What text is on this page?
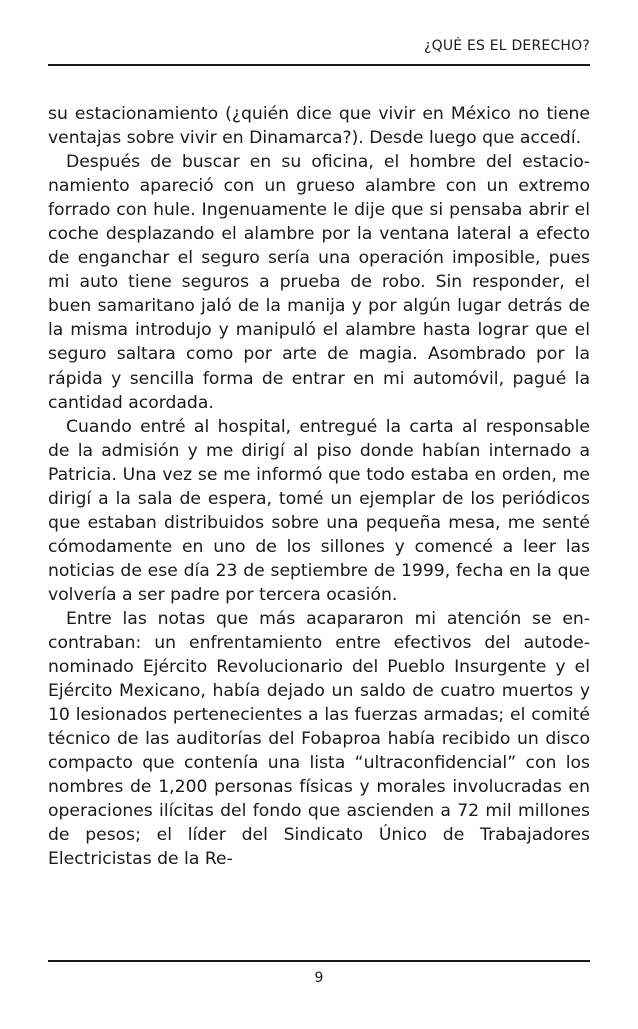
¿QUÉ ES EL DERECHO?

su estacionamiento (¿quién dice que vivir en México no tiene ventajas sobre vivir en Dinamarca?). Desde luego que accedí.

Después de buscar en su oficina, el hombre del estacionamiento apareció con un grueso alambre con un extremo forrado con hule. Ingenuamente le dije que si pensaba abrir el coche desplazando el alambre por la ventana lateral a efecto de enganchar el seguro sería una operación imposible, pues mi auto tiene seguros a prueba de robo. Sin responder, el buen samaritano jaló de la manija y por algún lugar detrás de la misma introdujo y manipuló el alambre hasta lograr que el seguro saltara como por arte de magia. Asombrado por la rápida y sencilla forma de entrar en mi automóvil, pagué la cantidad acordada.

Cuando entré al hospital, entregué la carta al responsable de la admisión y me dirigí al piso donde habían internado a Patricia. Una vez se me informó que todo estaba en orden, me dirigí a la sala de espera, tomé un ejemplar de los periódicos que estaban distribuidos sobre una pequeña mesa, me senté cómodamente en uno de los sillones y comencé a leer las noticias de ese día 23 de septiembre de 1999, fecha en la que volvería a ser padre por tercera ocasión.

Entre las notas que más acapararon mi atención se encontraban: un enfrentamiento entre efectivos del autodenominado Ejército Revolucionario del Pueblo Insurgente y el Ejército Mexicano, había dejado un saldo de cuatro muertos y 10 lesionados pertenecientes a las fuerzas armadas; el comité técnico de las auditorías del Fobaproa había recibido un disco compacto que contenía una lista “ultraconfidencial” con los nombres de 1,200 personas físicas y morales involucradas en operaciones ilícitas del fondo que ascienden a 72 mil millones de pesos; el líder del Sindicato Único de Trabajadores Electricistas de la Re-

9
